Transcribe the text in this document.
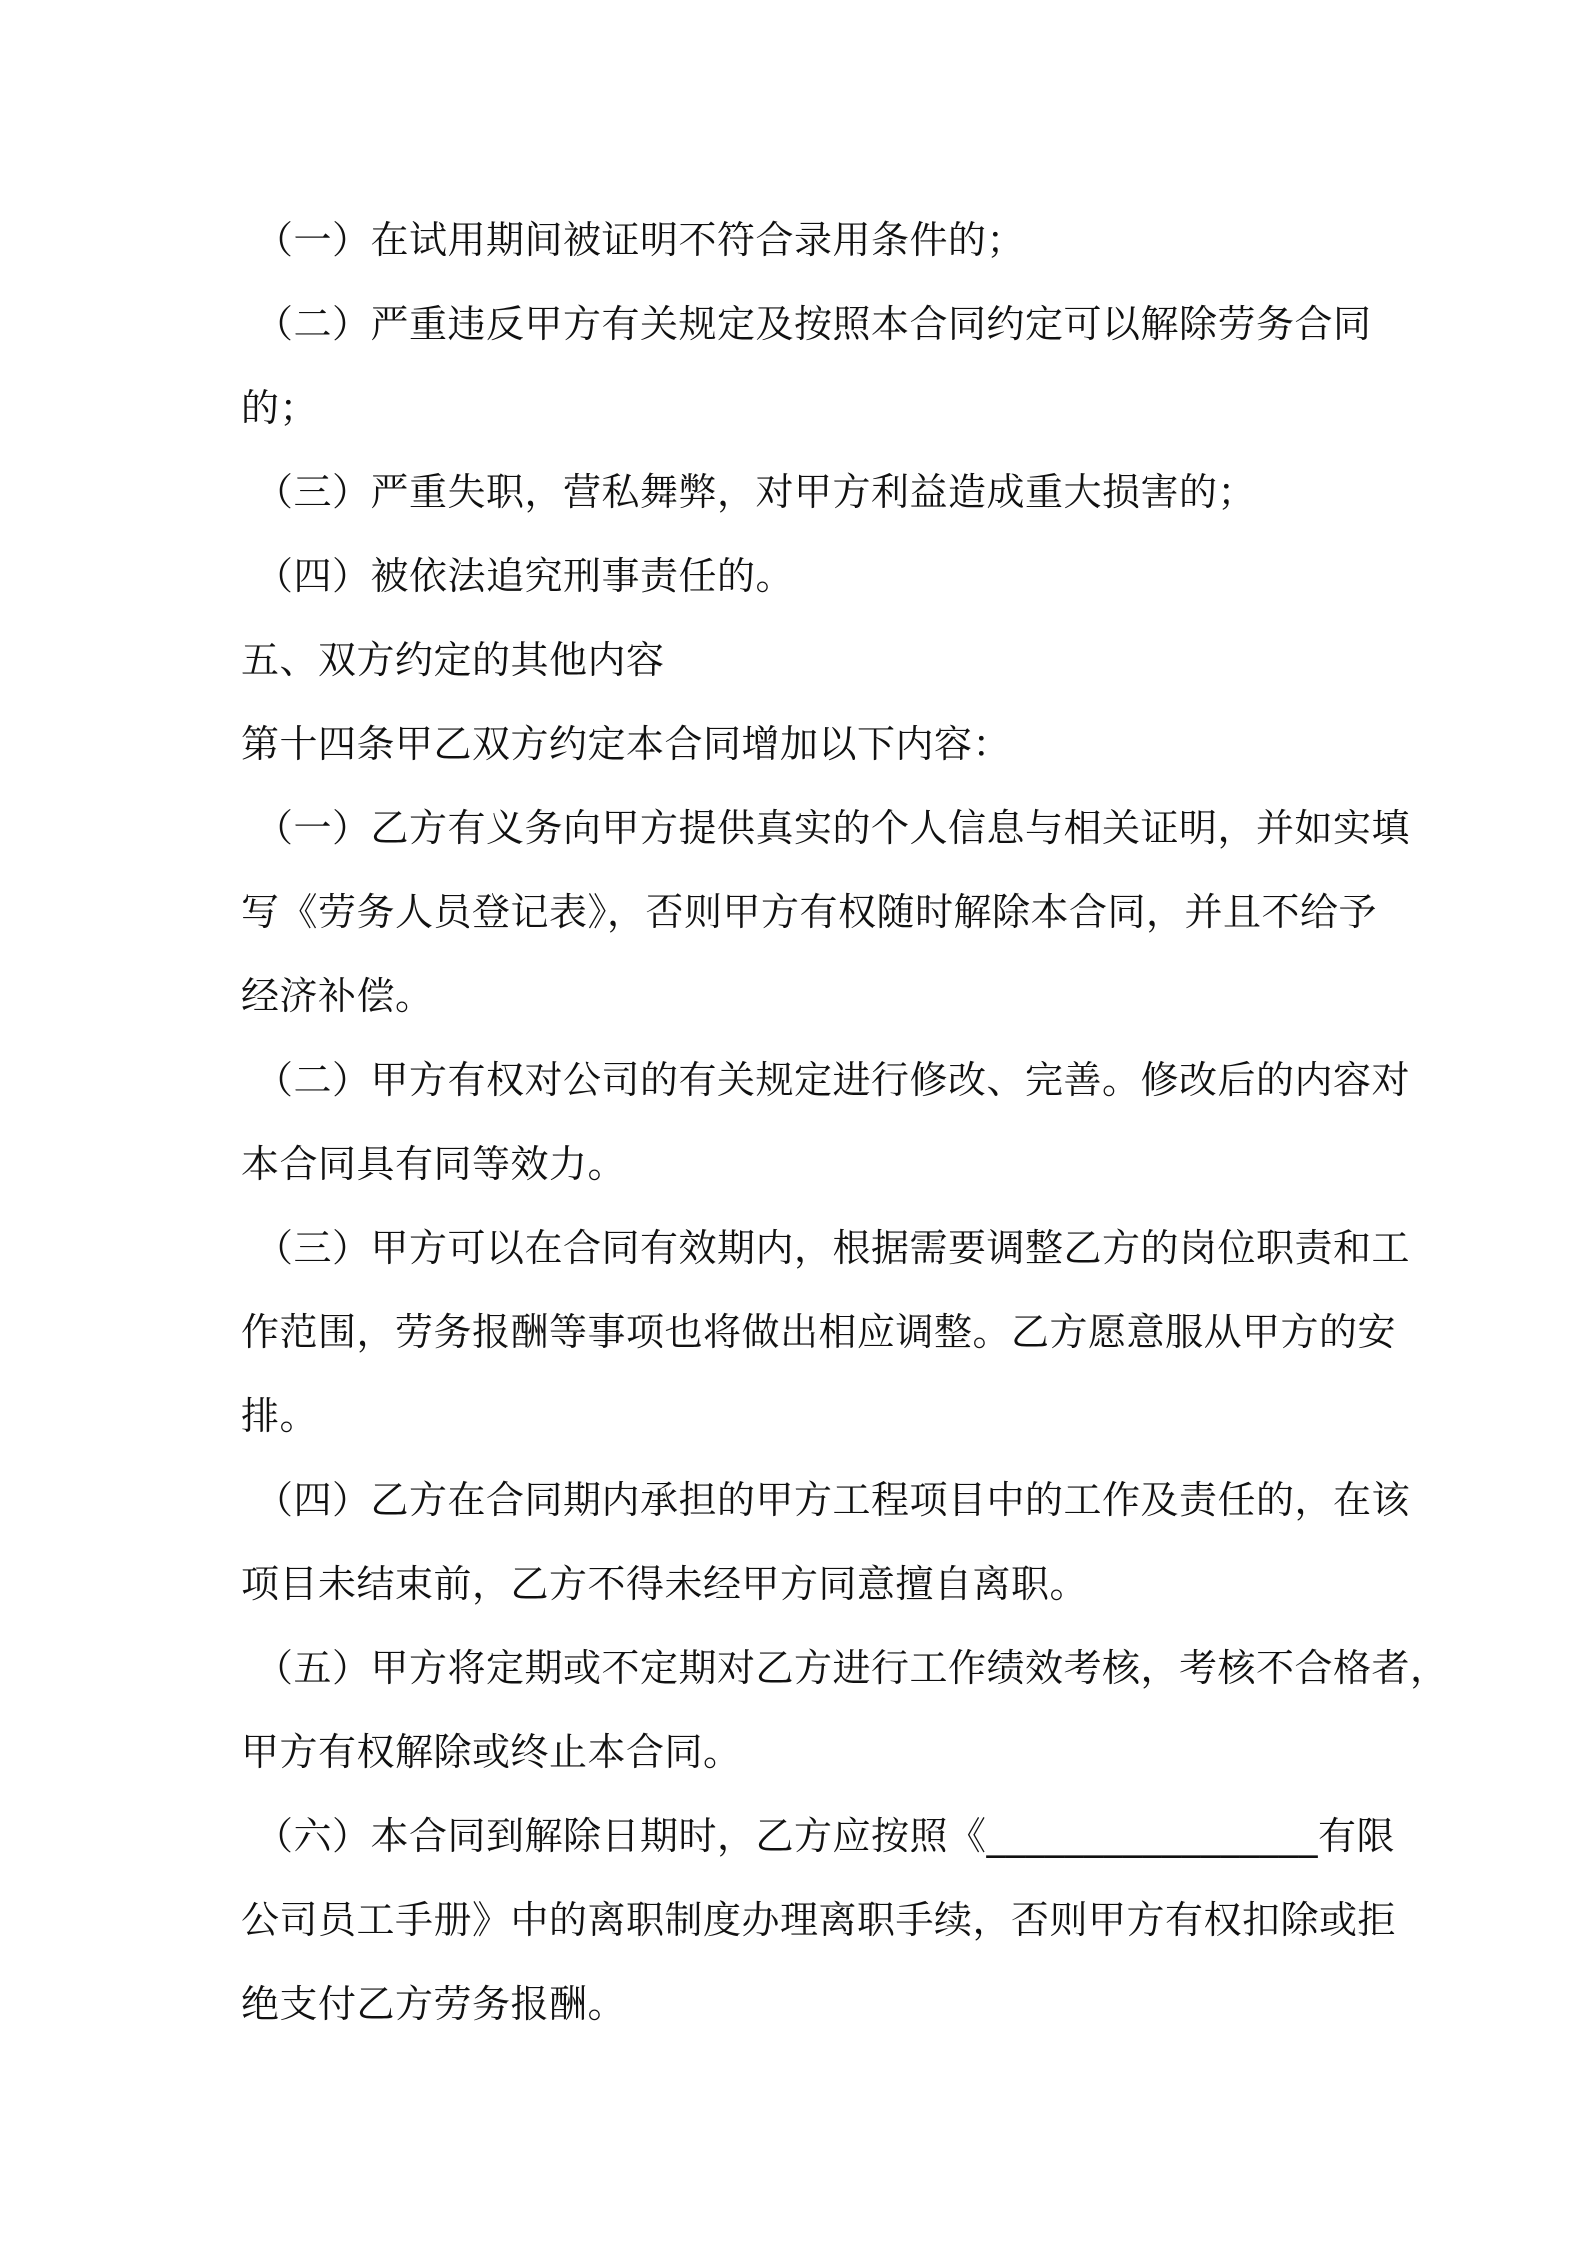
（一）在试用期间被证明不符合录用条件的；
（二）严重违反甲方有关规定及按照本合同约定可以解除劳务合同
的；
（三）严重失职，营私舞弊，对甲方利益造成重大损害的；
（四）被依法追究刑事责任的。
五、双方约定的其他内容
第十四条甲乙双方约定本合同增加以下内容：
（一）乙方有义务向甲方提供真实的个人信息与相关证明，并如实填
写《劳务人员登记表》，否则甲方有权随时解除本合同，并且不给予
经济补偿。
（二）甲方有权对公司的有关规定进行修改、完善。修改后的内容对
本合同具有同等效力。
（三）甲方可以在合同有效期内，根据需要调整乙方的岗位职责和工
作范围，劳务报酬等事项也将做出相应调整。乙方愿意服从甲方的安
排。
（四）乙方在合同期内承担的甲方工程项目中的工作及责任的，在该
项目未结束前，乙方不得未经甲方同意擅自离职。
（五）甲方将定期或不定期对乙方进行工作绩效考核，考核不合格者，
甲方有权解除或终止本合同。
（六）本合同到解除日期时，乙方应按照《_________________有限
公司员工手册》中的离职制度办理离职手续，否则甲方有权扣除或拒
绝支付乙方劳务报酬。
